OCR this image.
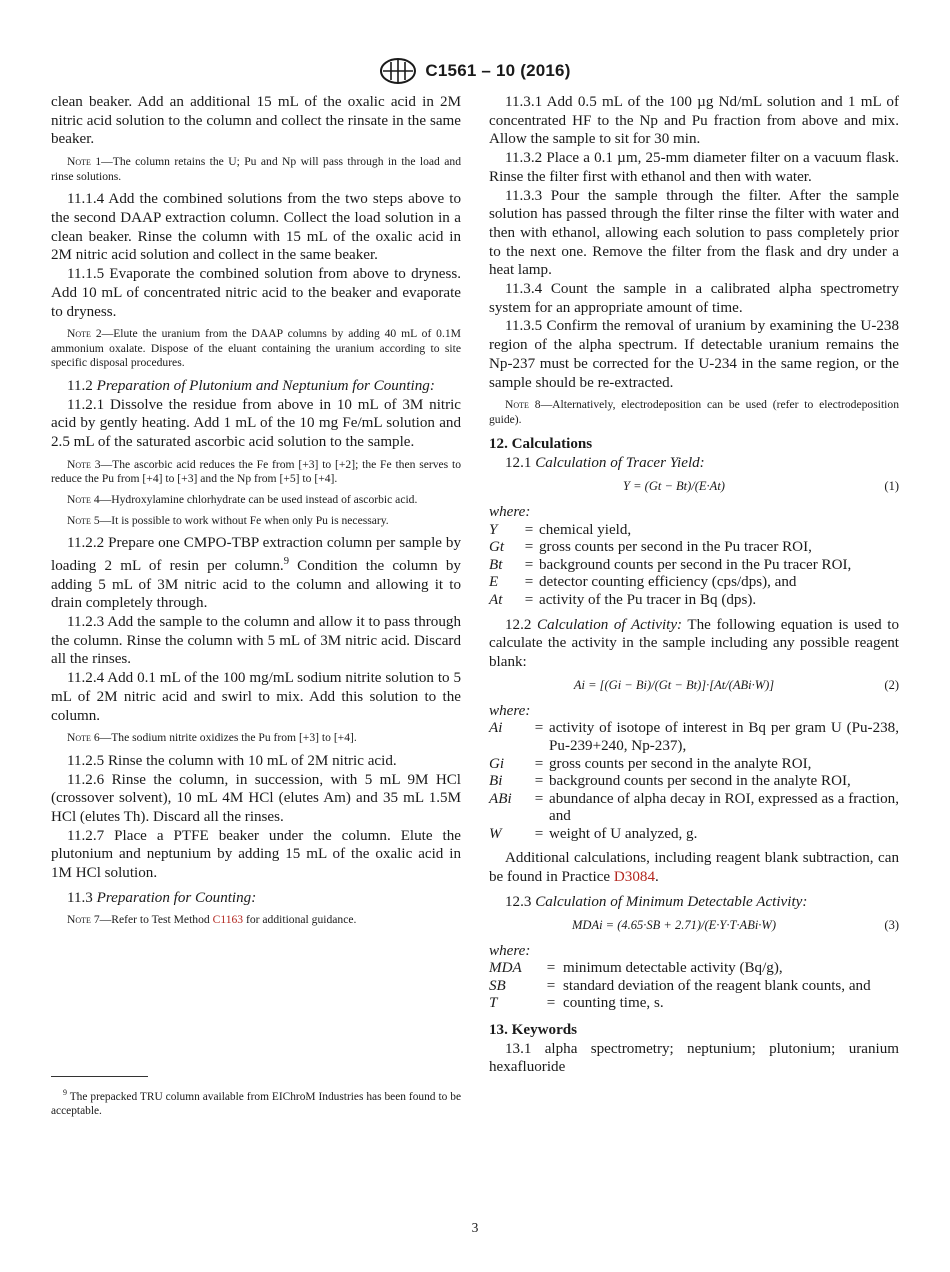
C1561 – 10 (2016)

clean beaker. Add an additional 15 mL of the oxalic acid in 2M nitric acid solution to the column and collect the rinsate in the same beaker.

Note 1—The column retains the U; Pu and Np will pass through in the load and rinse solutions.

11.1.4 Add the combined solutions from the two steps above to the second DAAP extraction column. Collect the load solution in a clean beaker. Rinse the column with 15 mL of the oxalic acid in 2M nitric acid solution and collect in the same beaker.

11.1.5 Evaporate the combined solution from above to dryness. Add 10 mL of concentrated nitric acid to the beaker and evaporate to dryness.

Note 2—Elute the uranium from the DAAP columns by adding 40 mL of 0.1M ammonium oxalate. Dispose of the eluant containing the uranium according to site specific disposal procedures.

11.2 Preparation of Plutonium and Neptunium for Counting:

11.2.1 Dissolve the residue from above in 10 mL of 3M nitric acid by gently heating. Add 1 mL of the 10 mg Fe/mL solution and 2.5 mL of the saturated ascorbic acid solution to the sample.

Note 3—The ascorbic acid reduces the Fe from [+3] to [+2]; the Fe then serves to reduce the Pu from [+4] to [+3] and the Np from [+5] to [+4].

Note 4—Hydroxylamine chlorhydrate can be used instead of ascorbic acid.

Note 5—It is possible to work without Fe when only Pu is necessary.

11.2.2 Prepare one CMPO-TBP extraction column per sample by loading 2 mL of resin per column.$^9$ Condition the column by adding 5 mL of 3M nitric acid to the column and allowing it to drain completely through.

11.2.3 Add the sample to the column and allow it to pass through the column. Rinse the column with 5 mL of 3M nitric acid. Discard all the rinses.

11.2.4 Add 0.1 mL of the 100 mg/mL sodium nitrite solution to 5 mL of 2M nitric acid and swirl to mix. Add this solution to the column.

Note 6—The sodium nitrite oxidizes the Pu from [+3] to [+4].

11.2.5 Rinse the column with 10 mL of 2M nitric acid.

11.2.6 Rinse the column, in succession, with 5 mL 9M HCl (crossover solvent), 10 mL 4M HCl (elutes Am) and 35 mL 1.5M HCl (elutes Th). Discard all the rinses.

11.2.7 Place a PTFE beaker under the column. Elute the plutonium and neptunium by adding 15 mL of the oxalic acid in 1M HCl solution.

11.3 Preparation for Counting:

Note 7—Refer to Test Method C1163 for additional guidance.

$^9$ The prepacked TRU column available from EIChroM Industries has been found to be acceptable.

11.3.1 Add 0.5 mL of the 100 µg Nd/mL solution and 1 mL of concentrated HF to the Np and Pu fraction from above and mix. Allow the sample to sit for 30 min.

11.3.2 Place a 0.1 µm, 25-mm diameter filter on a vacuum flask. Rinse the filter first with ethanol and then with water.

11.3.3 Pour the sample through the filter. After the sample solution has passed through the filter rinse the filter with water and then with ethanol, allowing each solution to pass completely prior to the next one. Remove the filter from the flask and dry under a heat lamp.

11.3.4 Count the sample in a calibrated alpha spectrometry system for an appropriate amount of time.

11.3.5 Confirm the removal of uranium by examining the U-238 region of the alpha spectrum. If detectable uranium remains the Np-237 must be corrected for the U-234 in the same region, or the sample should be re-extracted.

Note 8—Alternatively, electrodeposition can be used (refer to electrodeposition guide).

12. Calculations

12.1 Calculation of Tracer Yield:

Y = (Gt − Bt)/(E·At)	(1)

where:

Y	=	chemical yield,
Gt	=	gross counts per second in the Pu tracer ROI,
Bt	=	background counts per second in the Pu tracer ROI,
E	=	detector counting efficiency (cps/dps), and
At	=	activity of the Pu tracer in Bq (dps).

12.2 Calculation of Activity: The following equation is used to calculate the activity in the sample including any possible reagent blank:

Ai = [(Gi − Bi)/(Gt − Bt)]·[At/(ABi·W)]	(2)

where:

Ai	=	activity of isotope of interest in Bq per gram U (Pu-238, Pu-239+240, Np-237),
Gi	=	gross counts per second in the analyte ROI,
Bi	=	background counts per second in the analyte ROI,
ABi	=	abundance of alpha decay in ROI, expressed as a fraction, and
W	=	weight of U analyzed, g.

Additional calculations, including reagent blank subtraction, can be found in Practice D3084.

12.3 Calculation of Minimum Detectable Activity:

MDAi = (4.65·SB + 2.71)/(E·Y·T·ABi·W)	(3)

where:

MDA	=	minimum detectable activity (Bq/g),
SB	=	standard deviation of the reagent blank counts, and
T	=	counting time, s.

13. Keywords

13.1 alpha spectrometry; neptunium; plutonium; uranium hexafluoride

3
